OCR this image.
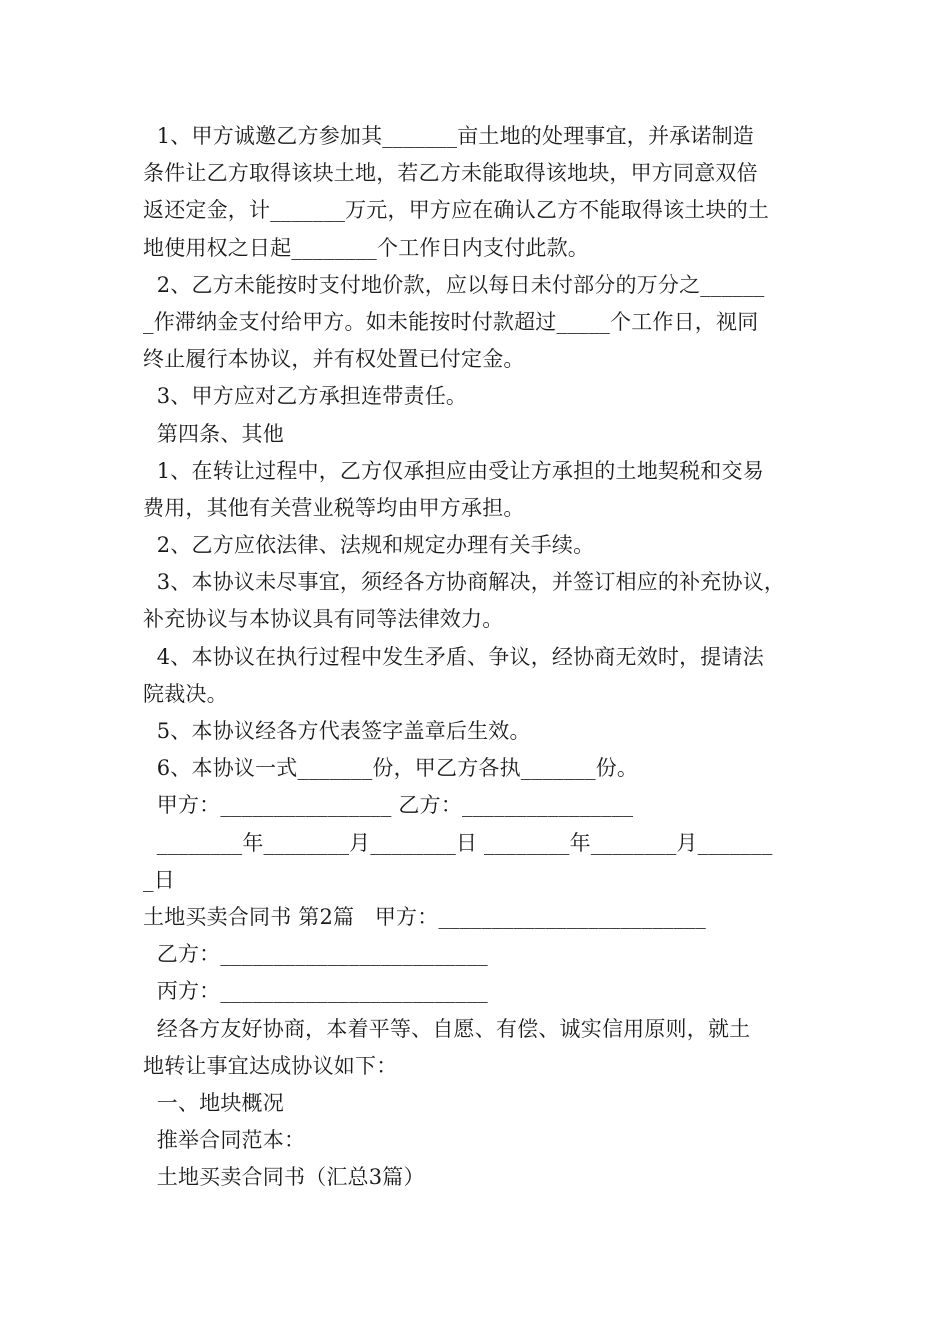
1、甲方诚邀乙方参加其_______亩土地的处理事宜，并承诺制造
条件让乙方取得该块土地，若乙方未能取得该地块，甲方同意双倍
返还定金，计_______万元，甲方应在确认乙方不能取得该土块的土
地使用权之日起________个工作日内支付此款。
2、乙方未能按时支付地价款，应以每日未付部分的万分之______
_作滞纳金支付给甲方。如未能按时付款超过_____个工作日，视同
终止履行本协议，并有权处置已付定金。
3、甲方应对乙方承担连带责任。
第四条、其他
1、在转让过程中，乙方仅承担应由受让方承担的土地契税和交易
费用，其他有关营业税等均由甲方承担。
2、乙方应依法律、法规和规定办理有关手续。
3、本协议未尽事宜，须经各方协商解决，并签订相应的补充协议，
补充协议与本协议具有同等法律效力。
4、本协议在执行过程中发生矛盾、争议，经协商无效时，提请法
院裁决。
5、本协议经各方代表签字盖章后生效。
6、本协议一式_______份，甲乙方各执_______份。
甲方：________________ 乙方：________________
________年________月________日 ________年________月_______
_日
土地买卖合同书 第2篇   甲方：_________________________
乙方：_________________________
丙方：_________________________
经各方友好协商，本着平等、自愿、有偿、诚实信用原则，就土
地转让事宜达成协议如下：
一、地块概况
推举合同范本：
土地买卖合同书（汇总3篇）
